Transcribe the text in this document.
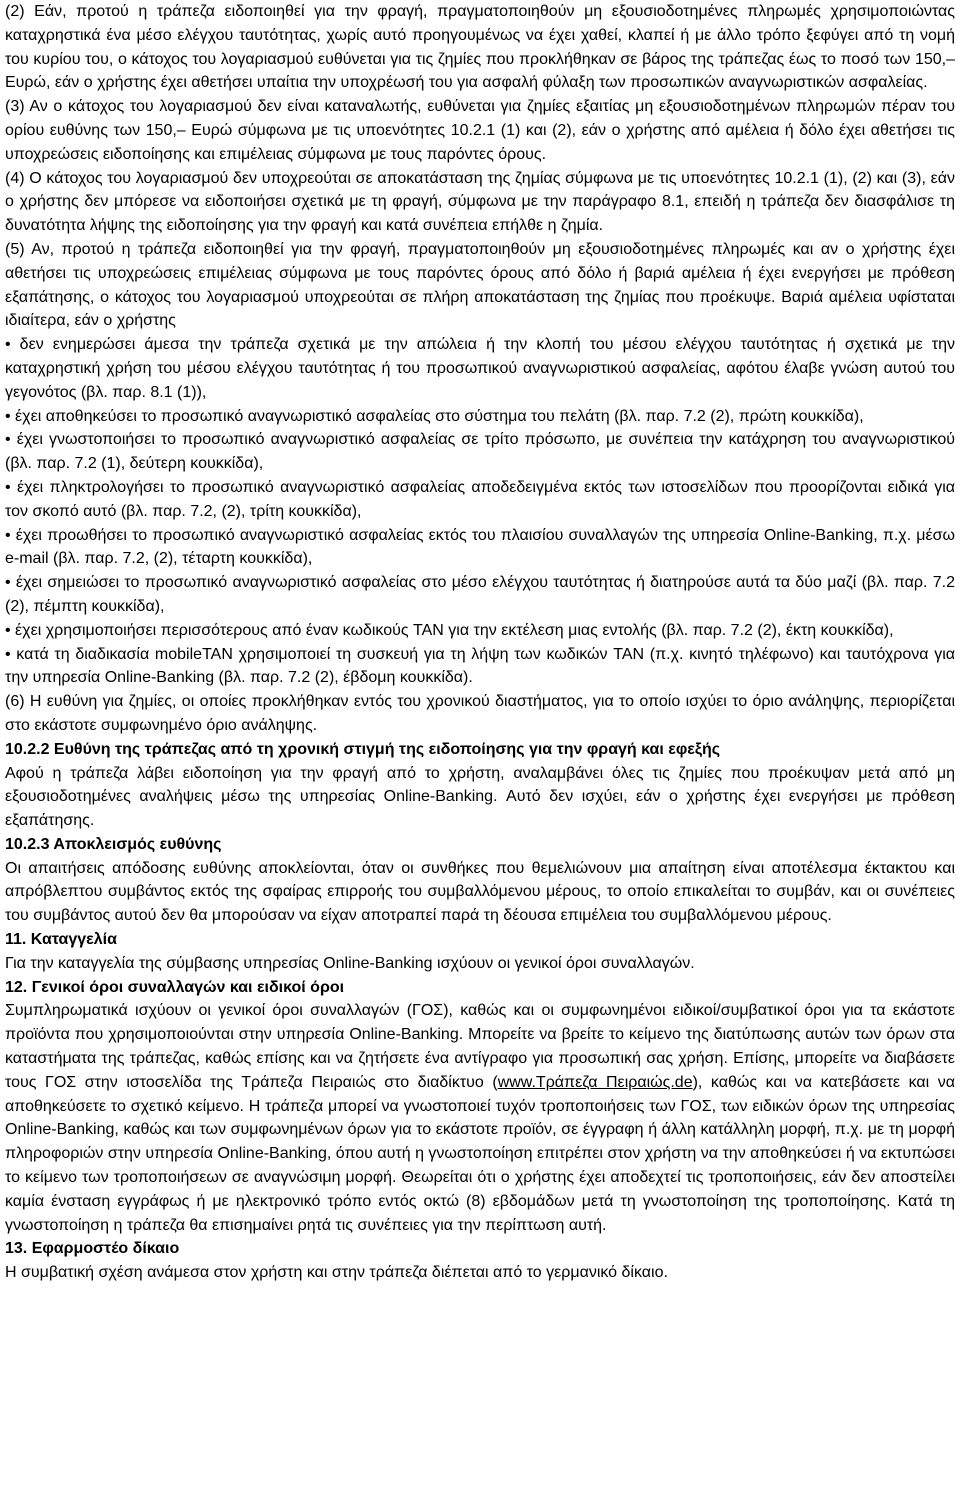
(2) Εάν, προτού η τράπεζα ειδοποιηθεί για την φραγή, πραγματοποιηθούν μη εξουσιοδοτημένες πληρωμές χρησιμοποιώντας καταχρηστικά ένα μέσο ελέγχου ταυτότητας, χωρίς αυτό προηγουμένως να έχει χαθεί, κλαπεί ή με άλλο τρόπο ξεφύγει από τη νομή του κυρίου του, ο κάτοχος του λογαριασμού ευθύνεται για τις ζημίες που προκλήθηκαν σε βάρος της τράπεζας έως το ποσό των 150,– Ευρώ, εάν ο χρήστης έχει αθετήσει υπαίτια την υποχρέωσή του για ασφαλή φύλαξη των προσωπικών αναγνωριστικών ασφαλείας.

(3) Αν ο κάτοχος του λογαριασμού δεν είναι καταναλωτής, ευθύνεται για ζημίες εξαιτίας μη εξουσιοδοτημένων πληρωμών πέραν του ορίου ευθύνης των 150,– Ευρώ σύμφωνα με τις υποενότητες 10.2.1 (1) και (2), εάν ο χρήστης από αμέλεια ή δόλο έχει αθετήσει τις υποχρεώσεις ειδοποίησης και επιμέλειας σύμφωνα με τους παρόντες όρους.

(4) Ο κάτοχος του λογαριασμού δεν υποχρεούται σε αποκατάσταση της ζημίας σύμφωνα με τις υποενότητες 10.2.1 (1), (2) και (3), εάν ο χρήστης δεν μπόρεσε να ειδοποιήσει σχετικά με τη φραγή, σύμφωνα με την παράγραφο 8.1, επειδή η τράπεζα δεν διασφάλισε τη δυνατότητα λήψης της ειδοποίησης για την φραγή και κατά συνέπεια επήλθε η ζημία.

(5) Αν, προτού η τράπεζα ειδοποιηθεί για την φραγή, πραγματοποιηθούν μη εξουσιοδοτημένες πληρωμές και αν ο χρήστης έχει αθετήσει τις υποχρεώσεις επιμέλειας σύμφωνα με τους παρόντες όρους από δόλο ή βαριά αμέλεια ή έχει ενεργήσει με πρόθεση εξαπάτησης, ο κάτοχος του λογαριασμού υποχρεούται σε πλήρη αποκατάσταση της ζημίας που προέκυψε. Βαριά αμέλεια υφίσταται ιδιαίτερα, εάν ο χρήστης

• δεν ενημερώσει άμεσα την τράπεζα σχετικά με την απώλεια ή την κλοπή του μέσου ελέγχου ταυτότητας ή σχετικά με την καταχρηστική χρήση του μέσου ελέγχου ταυτότητας ή του προσωπικού αναγνωριστικού ασφαλείας, αφότου έλαβε γνώση αυτού του γεγονότος (βλ. παρ. 8.1 (1)),

• έχει αποθηκεύσει το προσωπικό αναγνωριστικό ασφαλείας στο σύστημα του πελάτη (βλ. παρ. 7.2 (2), πρώτη κουκκίδα),

• έχει γνωστοποιήσει το προσωπικό αναγνωριστικό ασφαλείας σε τρίτο πρόσωπο, με συνέπεια την κατάχρηση του αναγνωριστικού (βλ. παρ. 7.2 (1), δεύτερη κουκκίδα),

• έχει πληκτρολογήσει το προσωπικό αναγνωριστικό ασφαλείας αποδεδειγμένα εκτός των ιστοσελίδων που προορίζονται ειδικά για τον σκοπό αυτό (βλ. παρ. 7.2, (2), τρίτη κουκκίδα),

• έχει προωθήσει το προσωπικό αναγνωριστικό ασφαλείας εκτός του πλαισίου συναλλαγών της υπηρεσία Online-Banking, π.χ. μέσω e-mail (βλ. παρ. 7.2, (2), τέταρτη κουκκίδα),

• έχει σημειώσει το προσωπικό αναγνωριστικό ασφαλείας στο μέσο ελέγχου ταυτότητας ή διατηρούσε αυτά τα δύο μαζί (βλ. παρ. 7.2 (2), πέμπτη κουκκίδα),

• έχει χρησιμοποιήσει περισσότερους από έναν κωδικούς TAN για την εκτέλεση μιας εντολής (βλ. παρ. 7.2 (2), έκτη κουκκίδα),

• κατά τη διαδικασία mobileTAN χρησιμοποιεί τη συσκευή για τη λήψη των κωδικών TAN (π.χ. κινητό τηλέφωνο) και ταυτόχρονα για την υπηρεσία Online-Banking (βλ. παρ. 7.2 (2), έβδομη κουκκίδα).

(6) Η ευθύνη για ζημίες, οι οποίες προκλήθηκαν εντός του χρονικού διαστήματος, για το οποίο ισχύει το όριο ανάληψης, περιορίζεται στο εκάστοτε συμφωνημένο όριο ανάληψης.

10.2.2 Ευθύνη της τράπεζας από τη χρονική στιγμή της ειδοποίησης για την φραγή και εφεξής

Αφού η τράπεζα λάβει ειδοποίηση για την φραγή από το χρήστη, αναλαμβάνει όλες τις ζημίες που προέκυψαν μετά από μη εξουσιοδοτημένες αναλήψεις μέσω της υπηρεσίας Online-Banking. Αυτό δεν ισχύει, εάν ο χρήστης έχει ενεργήσει με πρόθεση εξαπάτησης.

10.2.3 Αποκλεισμός ευθύνης

Οι απαιτήσεις απόδοσης ευθύνης αποκλείονται, όταν οι συνθήκες που θεμελιώνουν μια απαίτηση είναι αποτέλεσμα έκτακτου και απρόβλεπτου συμβάντος εκτός της σφαίρας επιρροής του συμβαλλόμενου μέρους, το οποίο επικαλείται το συμβάν, και οι συνέπειες του συμβάντος αυτού δεν θα μπορούσαν να είχαν αποτραπεί παρά τη δέουσα επιμέλεια του συμβαλλόμενου μέρους.

11. Καταγγελία

Για την καταγγελία της σύμβασης υπηρεσίας Online-Banking ισχύουν οι γενικοί όροι συναλλαγών.

12. Γενικοί όροι συναλλαγών και ειδικοί όροι

Συμπληρωματικά ισχύουν οι γενικοί όροι συναλλαγών (ΓΟΣ), καθώς και οι συμφωνημένοι ειδικοί/συμβατικοί όροι για τα εκάστοτε προϊόντα που χρησιμοποιούνται στην υπηρεσία Online-Banking. Μπορείτε να βρείτε το κείμενο της διατύπωσης αυτών των όρων στα καταστήματα της τράπεζας, καθώς επίσης και να ζητήσετε ένα αντίγραφο για προσωπική σας χρήση. Επίσης, μπορείτε να διαβάσετε τους ΓΟΣ στην ιστοσελίδα της Τράπεζα Πειραιώς στο διαδίκτυο (www.Τράπεζα Πειραιώς.de), καθώς και να κατεβάσετε και να αποθηκεύσετε το σχετικό κείμενο. Η τράπεζα μπορεί να γνωστοποιεί τυχόν τροποποιήσεις των ΓΟΣ, των ειδικών όρων της υπηρεσίας Online-Banking, καθώς και των συμφωνημένων όρων για το εκάστοτε προϊόν, σε έγγραφη ή άλλη κατάλληλη μορφή, π.χ. με τη μορφή πληροφοριών στην υπηρεσία Online-Banking, όπου αυτή η γνωστοποίηση επιτρέπει στον χρήστη να την αποθηκεύσει ή να εκτυπώσει το κείμενο των τροποποιήσεων σε αναγνώσιμη μορφή. Θεωρείται ότι ο χρήστης έχει αποδεχτεί τις τροποποιήσεις, εάν δεν αποστείλει καμία ένσταση εγγράφως ή με ηλεκτρονικό τρόπο εντός οκτώ (8) εβδομάδων μετά τη γνωστοποίηση της τροποποίησης. Κατά τη γνωστοποίηση η τράπεζα θα επισημαίνει ρητά τις συνέπειες για την περίπτωση αυτή.

13. Εφαρμοστέο δίκαιο

Η συμβατική σχέση ανάμεσα στον χρήστη και στην τράπεζα διέπεται από το γερμανικό δίκαιο.
